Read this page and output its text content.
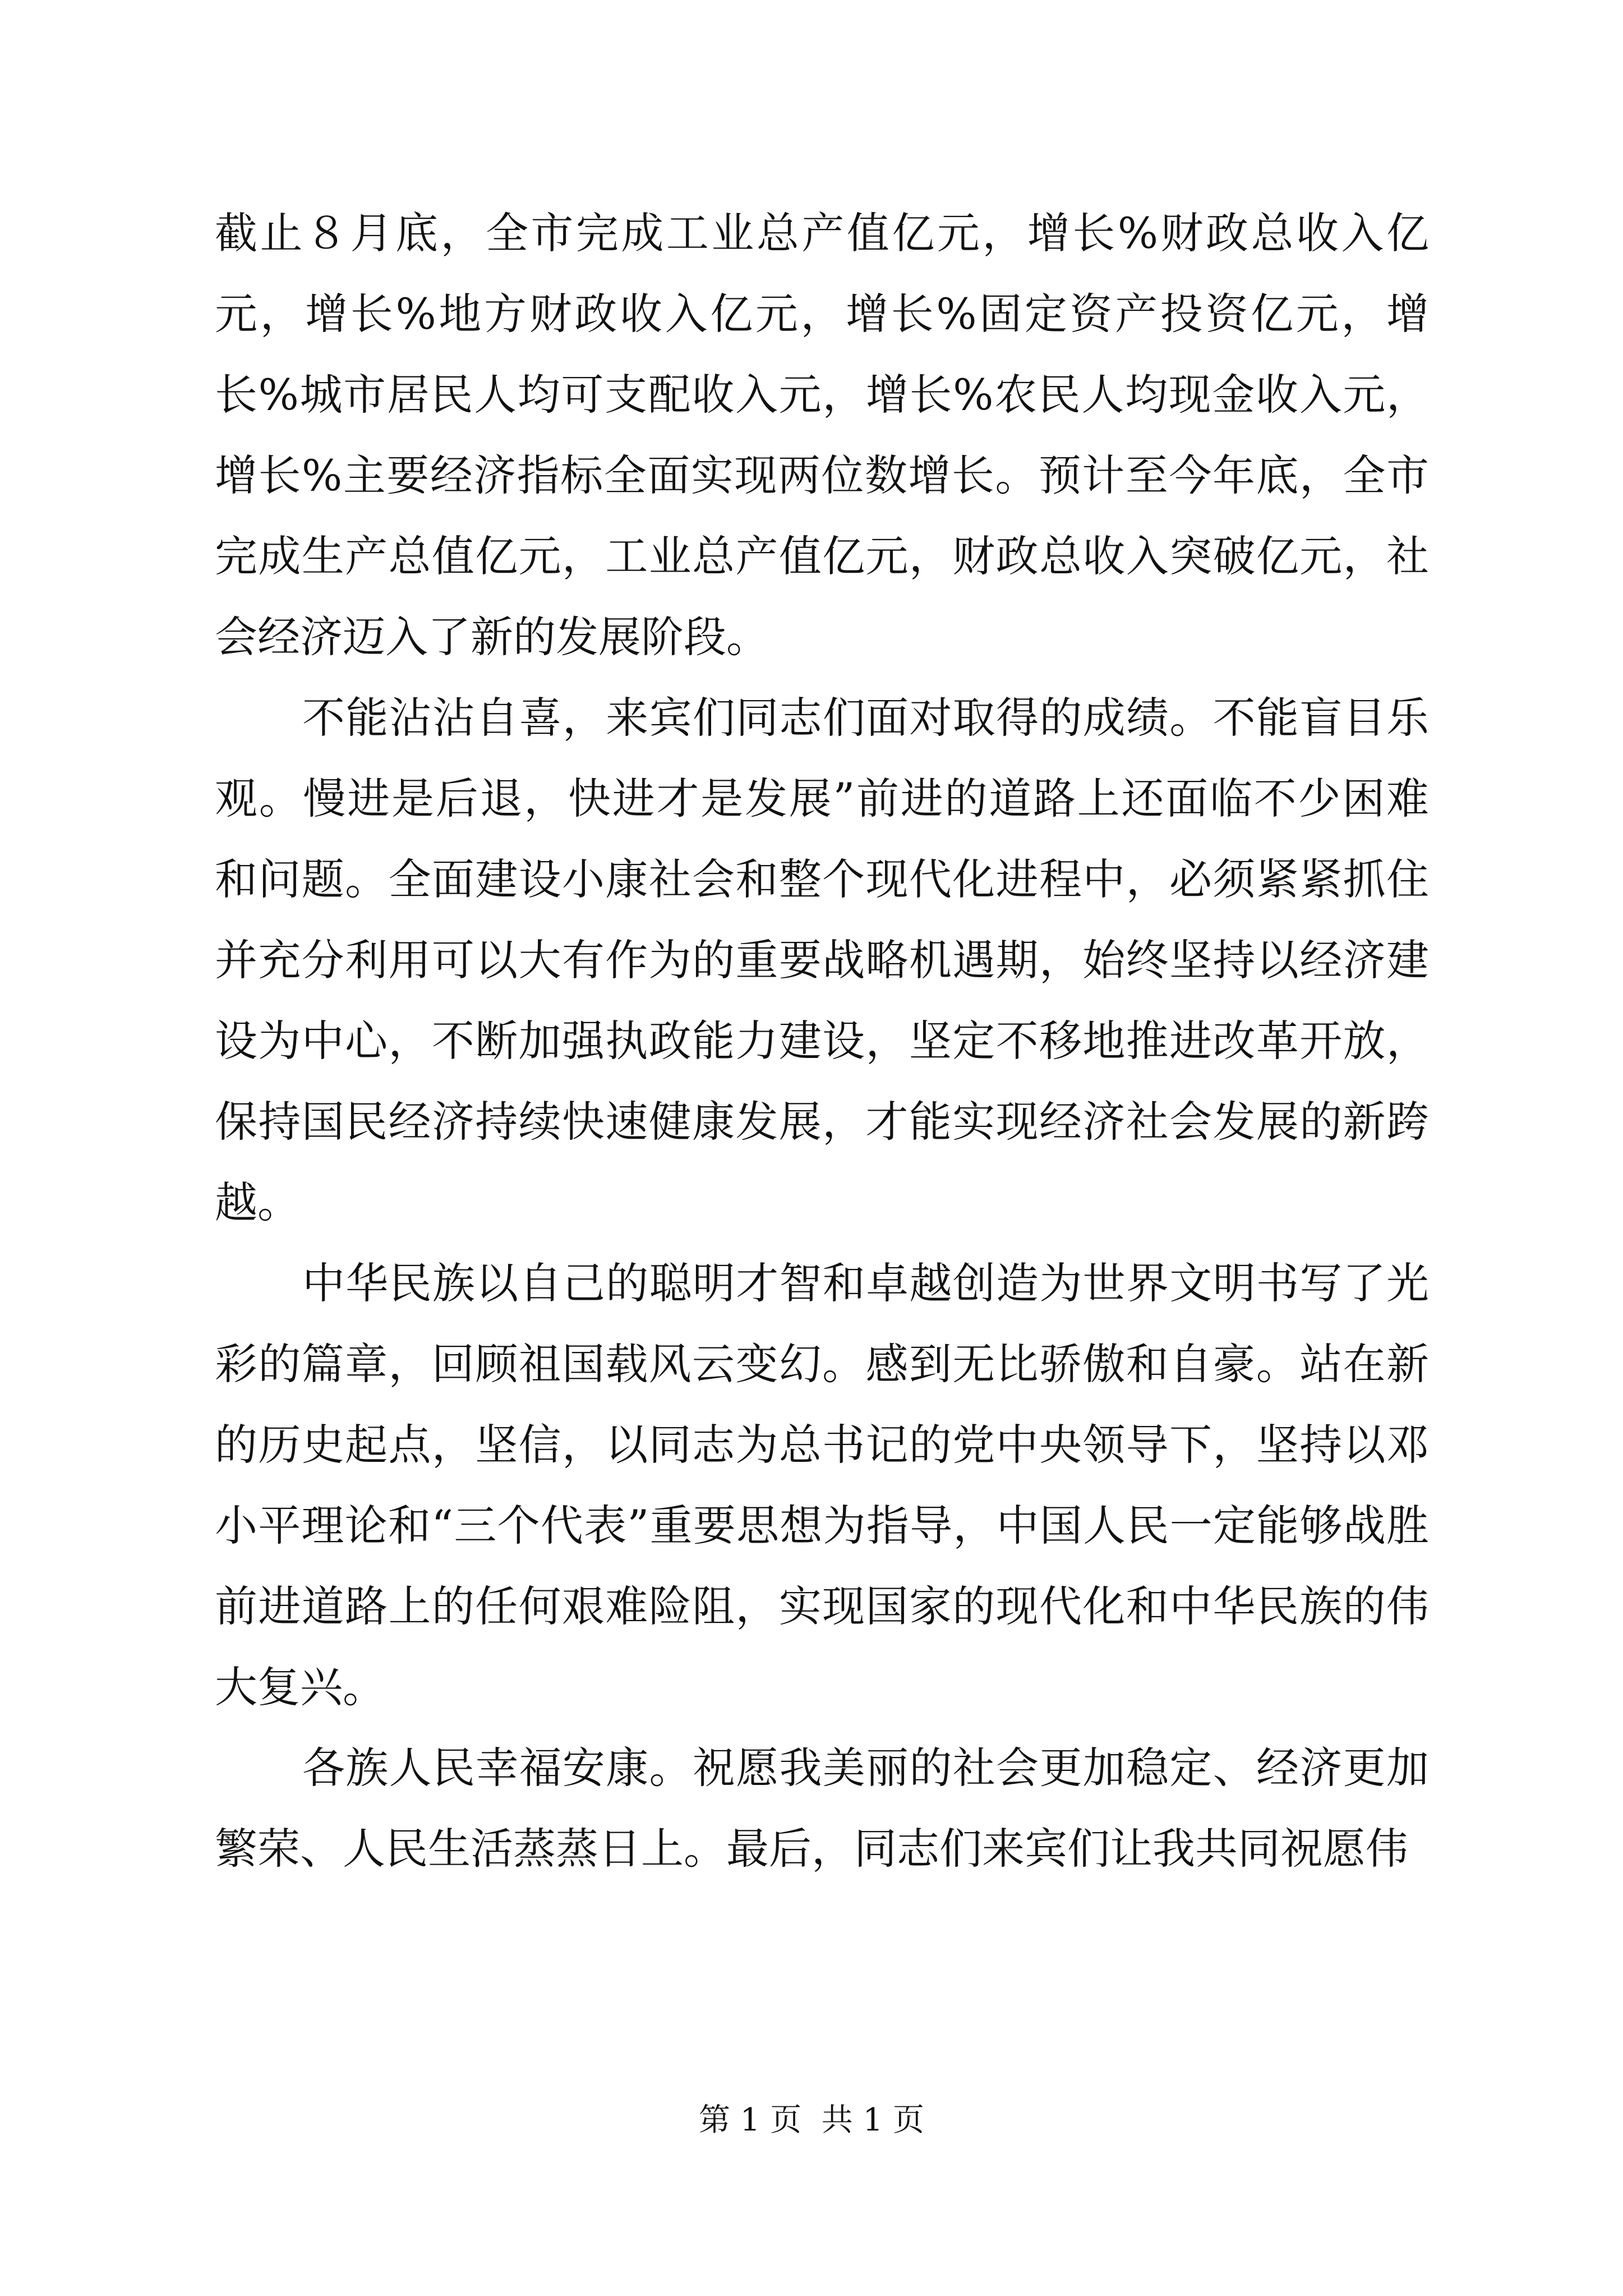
截止８月底，全市完成工业总产值亿元，增长%财政总收入亿元，增长%地方财政收入亿元，增长%固定资产投资亿元，增长%城市居民人均可支配收入元，增长%农民人均现金收入元，增长%主要经济指标全面实现两位数增长。预计至今年底，全市完成生产总值亿元，工业总产值亿元，财政总收入突破亿元，社会经济迈入了新的发展阶段。

不能沾沾自喜，来宾们同志们面对取得的成绩。不能盲目乐观。慢进是后退，快进才是发展”前进的道路上还面临不少困难和问题。全面建设小康社会和整个现代化进程中，必须紧紧抓住并充分利用可以大有作为的重要战略机遇期，始终坚持以经济建设为中心，不断加强执政能力建设，坚定不移地推进改革开放，保持国民经济持续快速健康发展，才能实现经济社会发展的新跨越。

中华民族以自己的聪明才智和卓越创造为世界文明书写了光彩的篇章，回顾祖国载风云变幻。感到无比骄傲和自豪。站在新的历史起点，坚信，以同志为总书记的党中央领导下，坚持以邓小平理论和“三个代表”重要思想为指导，中国人民一定能够战胜前进道路上的任何艰难险阻，实现国家的现代化和中华民族的伟大复兴。

各族人民幸福安康。祝愿我美丽的社会更加稳定、经济更加繁荣、人民生活蒸蒸日上。最后，同志们来宾们让我共同祝愿伟

第 1 页  共 1 页
